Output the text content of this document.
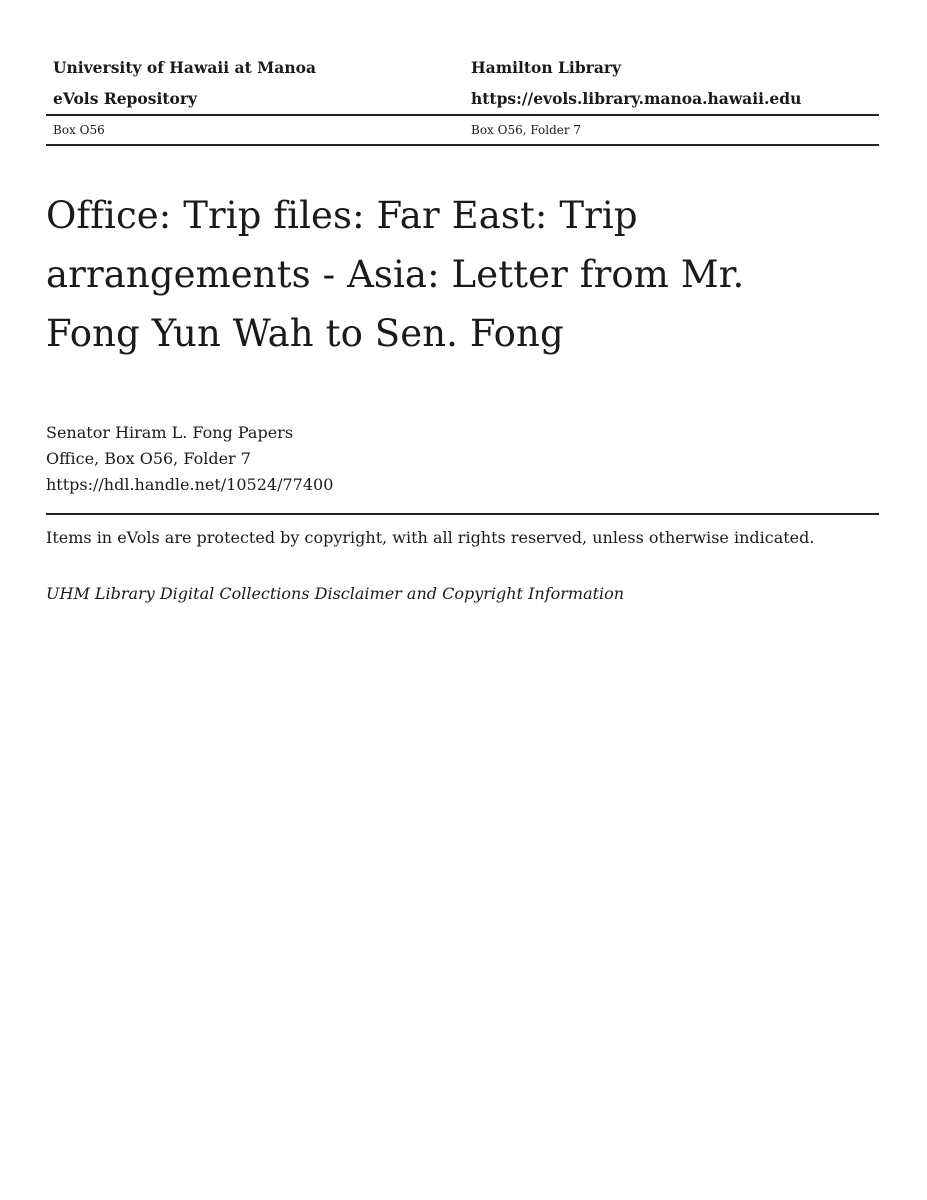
University of Hawaii at Manoa	Hamilton Library
eVols Repository	https://evols.library.manoa.hawaii.edu
Box O56	Box O56, Folder 7
Office: Trip files: Far East: Trip
arrangements - Asia: Letter from Mr.
Fong Yun Wah to Sen. Fong
Senator Hiram L. Fong Papers
Office, Box O56, Folder 7
https://hdl.handle.net/10524/77400
Items in eVols are protected by copyright, with all rights reserved, unless otherwise indicated.
UHM Library Digital Collections Disclaimer and Copyright Information
